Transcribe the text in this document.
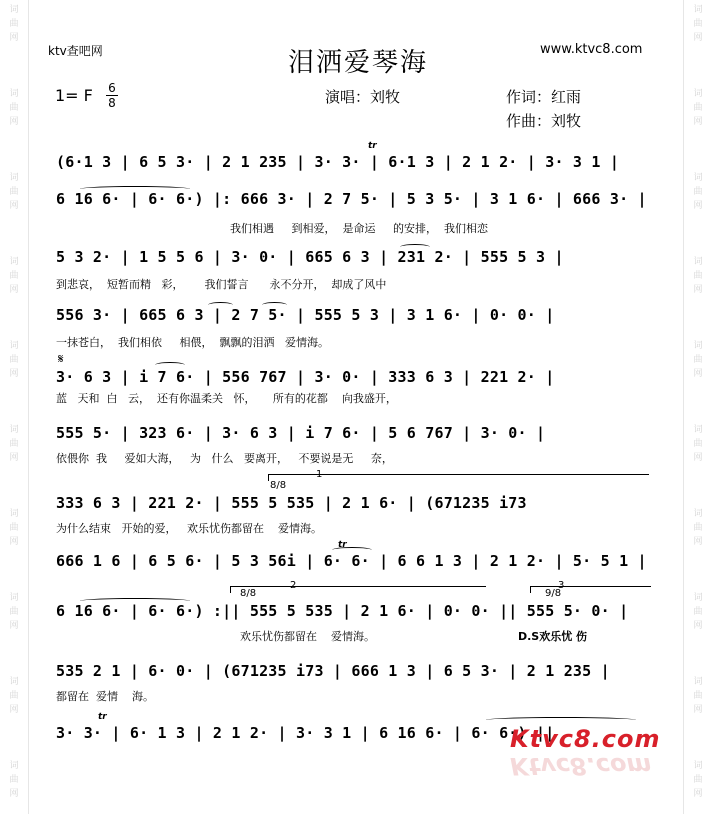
词
曲
网
词
曲
网
词
曲
网
词
曲
网
词
曲
网
词
曲
网
词
曲
网
词
曲
网
词
曲
网
词
曲
网
词
曲
网
词
曲
网
词
曲
网
词
曲
网
词
曲
网
词
曲
网
词
曲
网
词
曲
网
词
曲
网
词
曲
网
ktv查吧网	泪洒爱琴海	www.ktvc8.com
1= F 6
8	演唱：刘牧	作词：红雨
作曲：刘牧
(6·1 3 | 6 5 3· | 2 1 235 | 3· 3· | 6·1 3 | 2 1 2· | 3· 3 1 |
tr
6 16 6· | 6· 6·) |: 666 3· | 2 7 5· | 5 3 5· | 3 1 6· | 666 3· |
我们相遇     到相爱，  是命运     的安排，  我们相恋
5 3 2· | 1 5 5 6 | 3· 0· | 665 6 3 | 231 2· | 555 5 3 |
到悲哀，  短暂而精   彩，      我们誓言      永不分开，  却成了风中
556 3· | 665 6 3 | 2 7 5· | 555 5 3 | 3 1 6· | 0· 0· |
一抹苍白，  我们相依     相偎，  飘飘的泪洒   爱情海。
𝄋
3· 6 3 | i 7 6· | 556 767 | 3· 0· | 333 6 3 | 221 2· |
蓝   天和  白   云，  还有你温柔关   怀，     所有的花都    向我盛开，
555 5· | 323 6· | 3· 6 3 | i 7 6· | 5 6 767 | 3· 0· |
依偎你  我     爱如大海，   为   什么   要离开，   不要说是无     奈，
8/8
1
333 6 3 | 221 2· | 555 5 535 | 2 1 6· | (671235 i73
为什么结束   开始的爱，   欢乐忧伤都留在    爱情海。
tr
666 1 6 | 6 5 6· | 5 3 56i | 6· 6· | 6 6 1 3 | 2 1 2· | 5· 5 1 |
8/8
2
9/8
3
6 16 6· | 6· 6·) :|| 555 5 535 | 2 1 6· | 0· 0· || 555 5· 0· |
欢乐忧伤都留在    爱情海。	D.S欢乐忧 伤
535 2 1 | 6· 0· | (671235 i73 | 666 1 3 | 6 5 3· | 2 1 235 |
都留在  爱情    海。
tr
3· 3· | 6· 1 3 | 2 1 2· | 3· 3 1 | 6 16 6· | 6· 6·) ||
Ktvc8.com
Ktvc8.com
